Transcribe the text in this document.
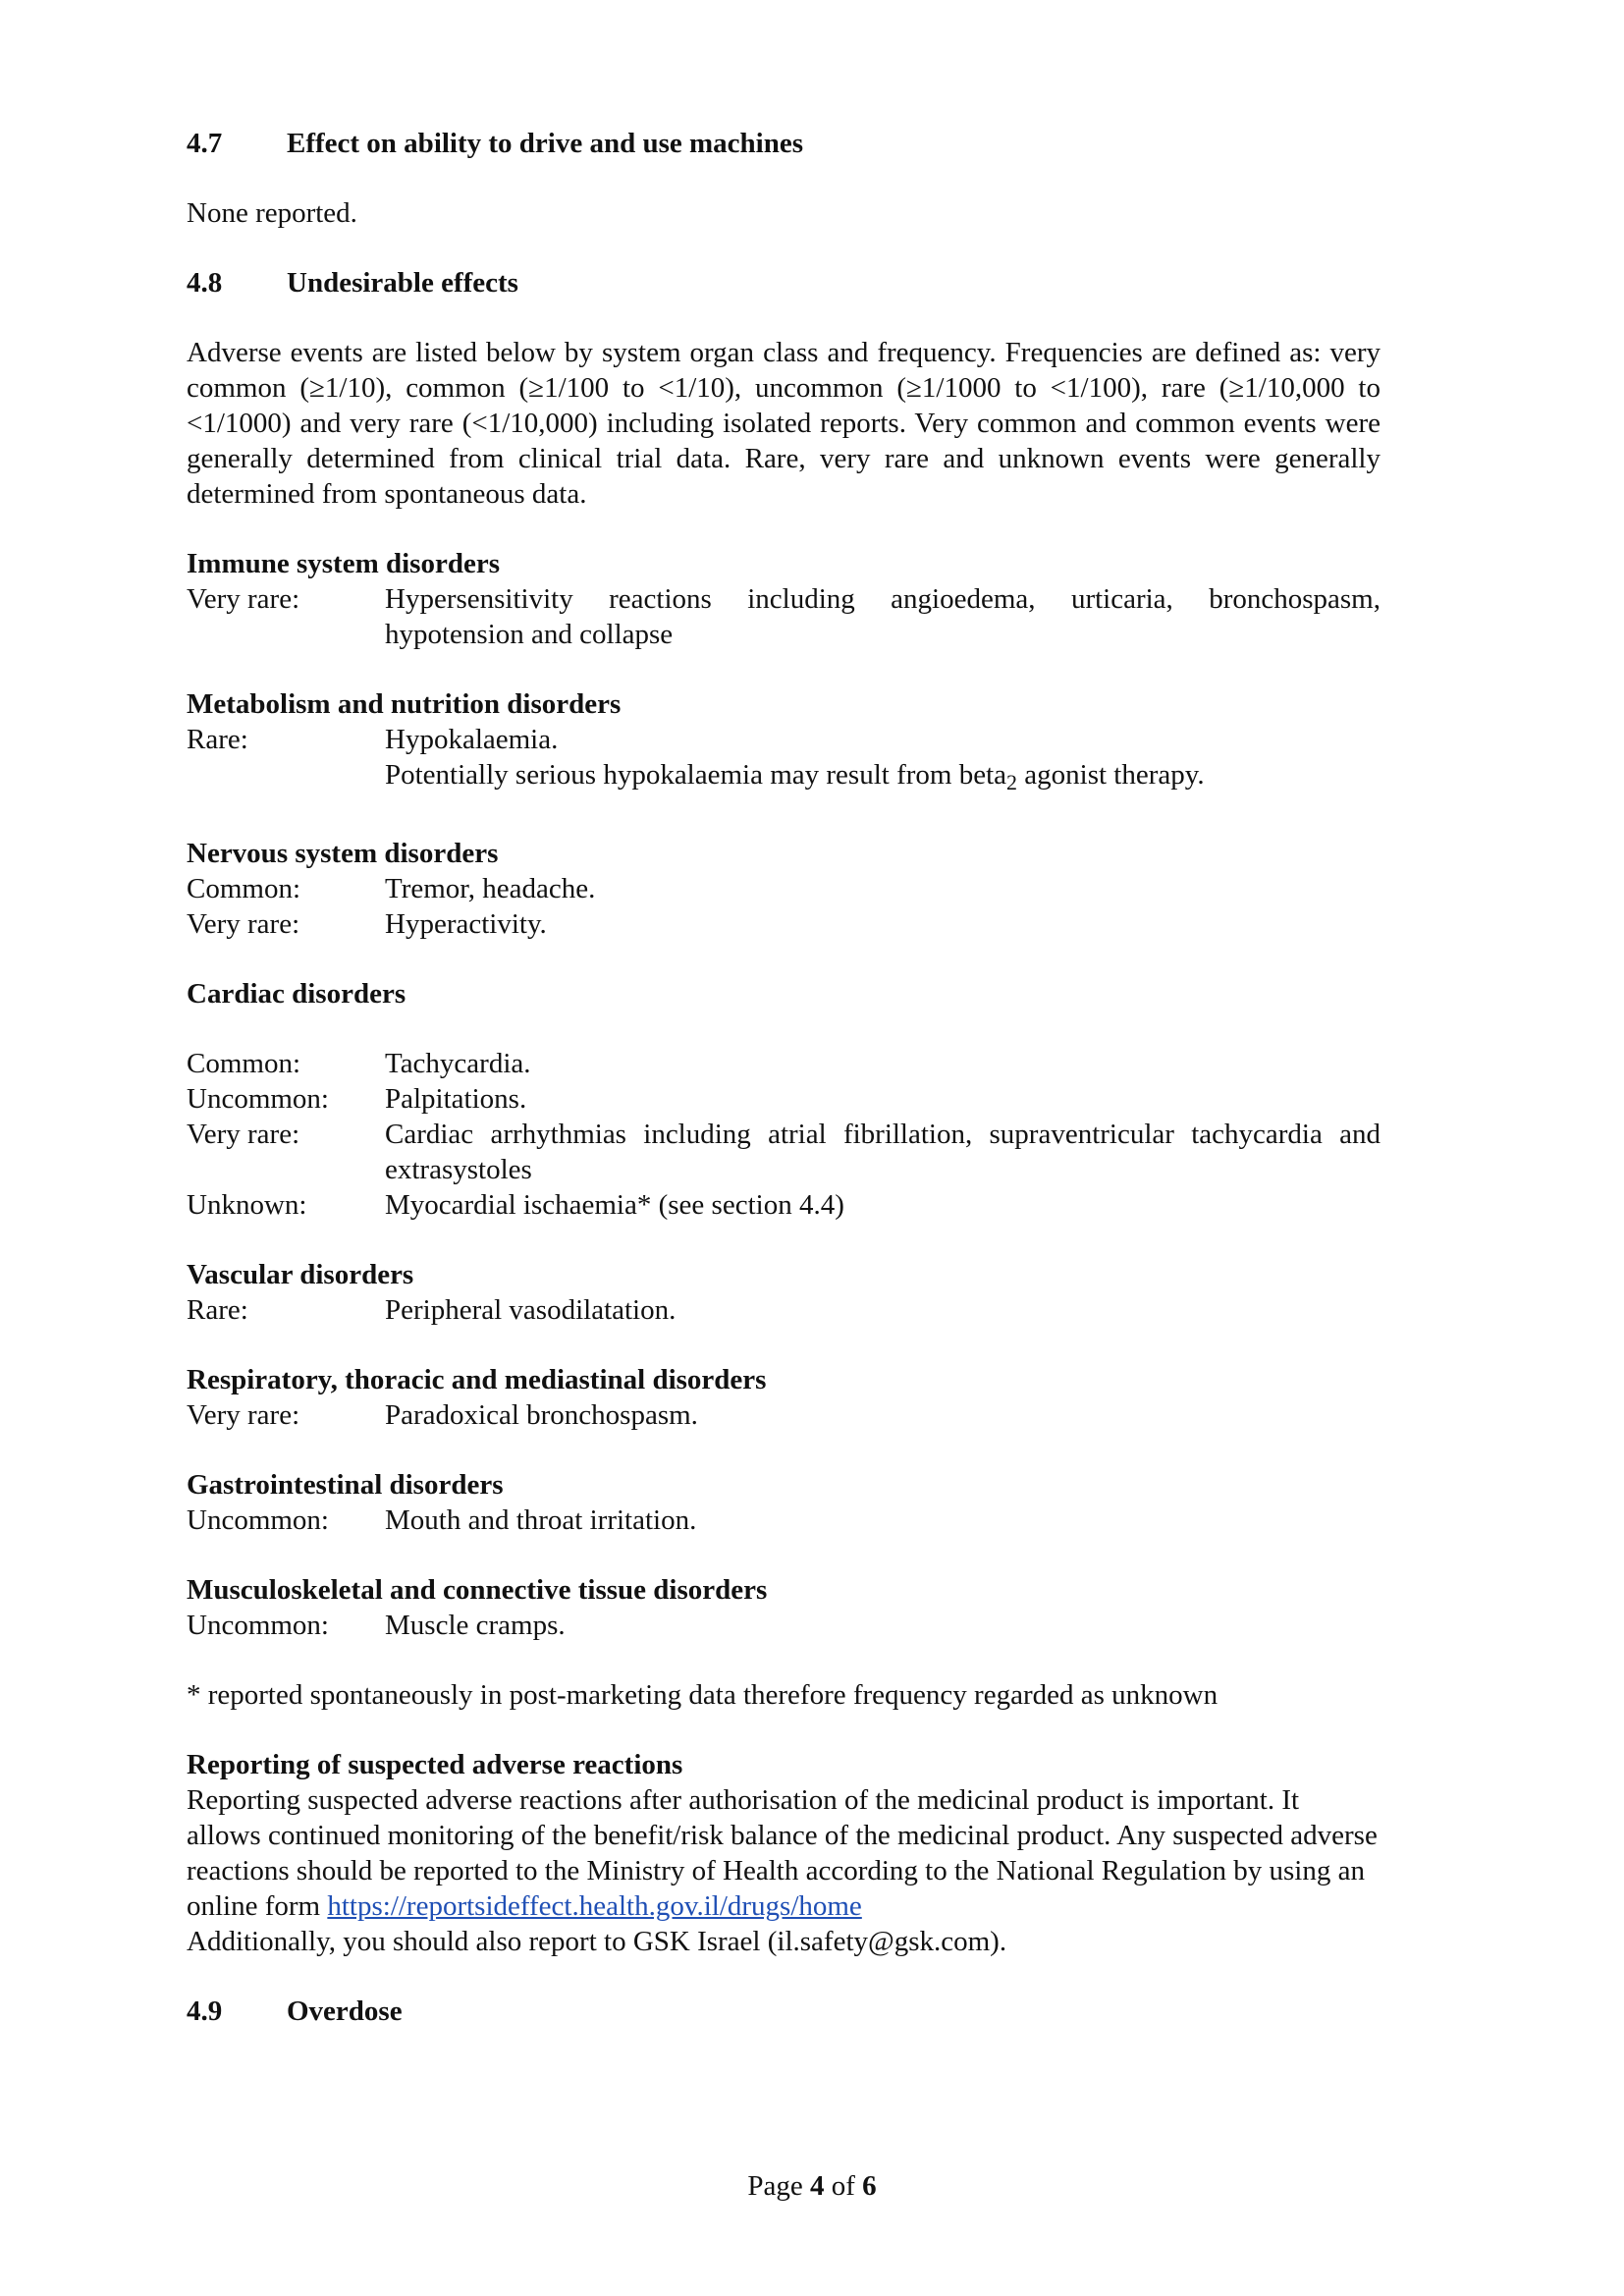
4.7 Effect on ability to drive and use machines

None reported.

4.8 Undesirable effects

Adverse events are listed below by system organ class and frequency. Frequencies are defined as: very common (≥1/10), common (≥1/100 to <1/10), uncommon (≥1/1000 to <1/100), rare (≥1/10,000 to <1/1000) and very rare (<1/10,000) including isolated reports. Very common and common events were generally determined from clinical trial data. Rare, very rare and unknown events were generally determined from spontaneous data.

Immune system disorders

Very rare:	Hypersensitivity reactions including angioedema, urticaria, bronchospasm, hypotension and collapse

Metabolism and nutrition disorders

Rare:	Hypokalaemia.
Potentially serious hypokalaemia may result from beta$_2$ agonist therapy.

Nervous system disorders

Common:	Tremor, headache.
Very rare:	Hyperactivity.

Cardiac disorders

Common:	Tachycardia.
Uncommon:	Palpitations.
Very rare:	Cardiac arrhythmias including atrial fibrillation, supraventricular tachycardia and extrasystoles
Unknown:	Myocardial ischaemia* (see section 4.4)

Vascular disorders

Rare:	Peripheral vasodilatation.

Respiratory, thoracic and mediastinal disorders

Very rare:	Paradoxical bronchospasm.

Gastrointestinal disorders

Uncommon:	Mouth and throat irritation.

Musculoskeletal and connective tissue disorders

Uncommon:	Muscle cramps.

* reported spontaneously in post-marketing data therefore frequency regarded as unknown

Reporting of suspected adverse reactions

Reporting suspected adverse reactions after authorisation of the medicinal product is important. It allows continued monitoring of the benefit/risk balance of the medicinal product. Any suspected adverse reactions should be reported to the Ministry of Health according to the National Regulation by using an online form https://reportsideffect.health.gov.il/drugs/home

Additionally, you should also report to GSK Israel (il.safety@gsk.com).

4.9 Overdose

Page 4 of 6
